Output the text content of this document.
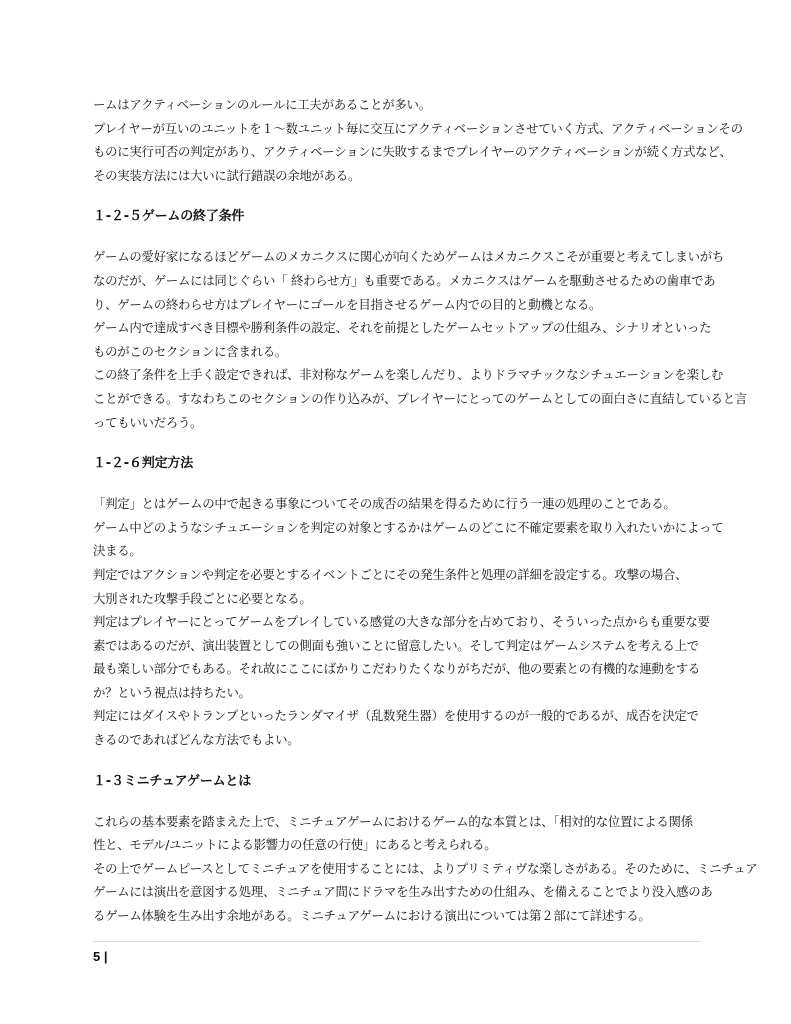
ームはアクティベーションのルールに工夫があることが多い。
プレイヤーが互いのユニットを１～数ユニット毎に交互にアクティベーションさせていく方式、アクティベーションその
ものに実行可否の判定があり、アクティベーションに失敗するまでプレイヤーのアクティベーションが続く方式など、
その実装方法には大いに試行錯誤の余地がある。
１-２-５ゲームの終了条件
ゲームの愛好家になるほどゲームのメカニクスに関心が向くためゲームはメカニクスこそが重要と考えてしまいがち
なのだが、ゲームには同じぐらい「 終わらせ方」も重要である。メカニクスはゲームを駆動させるための歯車であ
り、ゲームの終わらせ方はプレイヤーにゴールを目指させるゲーム内での目的と動機となる。
ゲーム内で達成すべき目標や勝利条件の設定、それを前提としたゲームセットアップの仕組み、シナリオといった
ものがこのセクションに含まれる。
この終了条件を上手く設定できれば、非対称なゲームを楽しんだり、よりドラマチックなシチュエーションを楽しむ
ことができる。すなわちこのセクションの作り込みが、プレイヤーにとってのゲームとしての面白さに直結していると言
ってもいいだろう。
１-２-６判定方法
「判定」とはゲームの中で起きる事象についてその成否の結果を得るために行う一連の処理のことである。
ゲーム中どのようなシチュエーションを判定の対象とするかはゲームのどこに不確定要素を取り入れたいかによって
決まる。
判定ではアクションや判定を必要とするイベントごとにその発生条件と処理の詳細を設定する。攻撃の場合、
大別された攻撃手段ごとに必要となる。
判定はプレイヤーにとってゲームをプレイしている感覚の大きな部分を占めており、そういった点からも重要な要
素ではあるのだが、演出装置としての側面も強いことに留意したい。そして判定はゲームシステムを考える上で
最も楽しい部分でもある。それ故にここにばかりこだわりたくなりがちだが、他の要素との有機的な連動をする
か？という視点は持ちたい。
判定にはダイスやトランプといったランダマイザ（乱数発生器）を使用するのが一般的であるが、成否を決定で
きるのであればどんな方法でもよい。
１-３ミニチュアゲームとは
これらの基本要素を踏まえた上で、ミニチュアゲームにおけるゲーム的な本質とは、「相対的な位置による関係
性と、モデル/ユニットによる影響力の任意の行使」にあると考えられる。
その上でゲームピースとしてミニチュアを使用することには、よりプリミティヴな楽しさがある。そのために、ミニチュア
ゲームには演出を意図する処理、ミニチュア間にドラマを生み出すための仕組み、を備えることでより没入感のあ
るゲーム体験を生み出す余地がある。ミニチュアゲームにおける演出については第２部にて詳述する。
5 |
